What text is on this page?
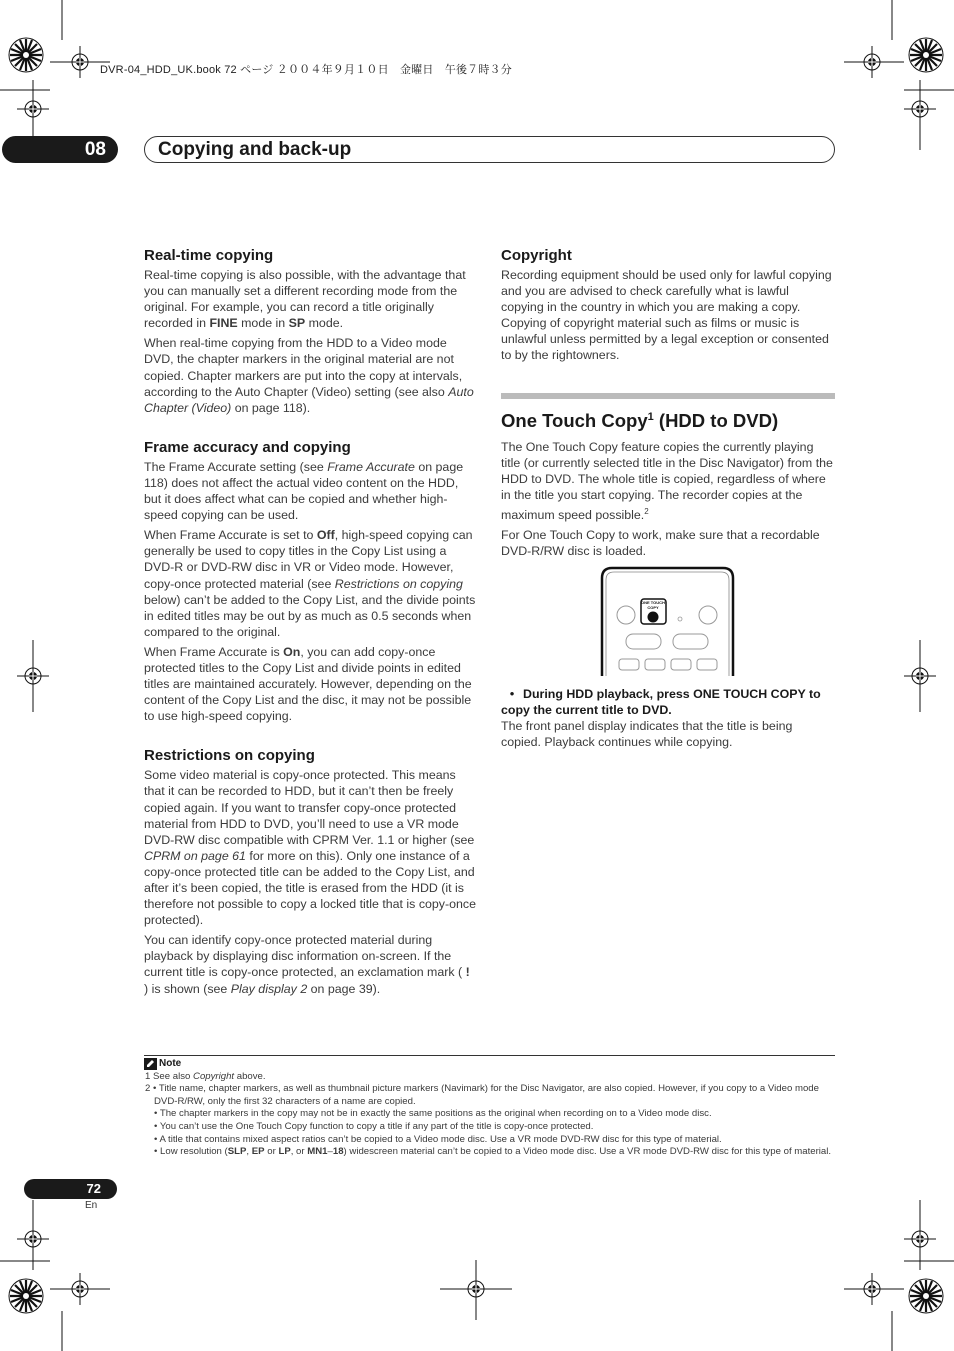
DVR-04_HDD_UK.book 72 ページ ２００４年９月１０日　金曜日　午後７時３分
08	Copying and back-up
Real-time copying

Real-time copying is also possible, with the advantage that you can manually set a different recording mode from the original. For example, you can record a title originally recorded in FINE mode in SP mode.

When real-time copying from the HDD to a Video mode DVD, the chapter markers in the original material are not copied. Chapter markers are put into the copy at intervals, according to the Auto Chapter (Video) setting (see also Auto Chapter (Video) on page 118).

Frame accuracy and copying

The Frame Accurate setting (see Frame Accurate on page 118) does not affect the actual video content on the HDD, but it does affect what can be copied and whether high-speed copying can be used.

When Frame Accurate is set to Off, high-speed copying can generally be used to copy titles in the Copy List using a DVD-R or DVD-RW disc in VR or Video mode. However, copy-once protected material (see Restrictions on copying below) can’t be added to the Copy List, and the divide points in edited titles may be out by as much as 0.5 seconds when compared to the original.

When Frame Accurate is On, you can add copy-once protected titles to the Copy List and divide points in edited titles are maintained accurately. However, depending on the content of the Copy List and the disc, it may not be possible to use high-speed copying.

Restrictions on copying

Some video material is copy-once protected. This means that it can be recorded to HDD, but it can’t then be freely copied again. If you want to transfer copy-once protected material from HDD to DVD, you’ll need to use a VR mode DVD-RW disc compatible with CPRM Ver. 1.1 or higher (see CPRM on page 61 for more on this). Only one instance of a copy-once protected title can be added to the Copy List, and after it’s been copied, the title is erased from the HDD (it is therefore not possible to copy a locked title that is copy-once protected).

You can identify copy-once protected material during playback by displaying disc information on-screen. If the current title is copy-once protected, an exclamation mark ( ! ) is shown (see Play display 2 on page 39).

Copyright

Recording equipment should be used only for lawful copying and you are advised to check carefully what is lawful copying in the country in which you are making a copy. Copying of copyright material such as films or music is unlawful unless permitted by a legal exception or consented to by the rightowners.

One Touch Copy$^1$ (HDD to DVD)

The One Touch Copy feature copies the currently playing title (or currently selected title in the Disc Navigator) from the HDD to DVD. The whole title is copied, regardless of where in the title you start copying. The recorder copies at the maximum speed possible.$^2$

For One Touch Copy to work, make sure that a recordable DVD-R/RW disc is loaded.

ONE TOUCH
COPY

• During HDD playback, press ONE TOUCH COPY to copy the current title to DVD.

The front panel display indicates that the title is being copied. Playback continues while copying.

Note
1 See also Copyright above.
2 • Title name, chapter markers, as well as thumbnail picture markers (Navimark) for the Disc Navigator, are also copied. However, if you copy to a Video mode DVD-R/RW, only the first 32 characters of a name are copied.
• The chapter markers in the copy may not be in exactly the same positions as the original when recording on to a Video mode disc.
• You can’t use the One Touch Copy function to copy a title if any part of the title is copy-once protected.
• A title that contains mixed aspect ratios can’t be copied to a Video mode disc. Use a VR mode DVD-RW disc for this type of material.
• Low resolution (SLP, EP or LP, or MN1–18) widescreen material can’t be copied to a Video mode disc. Use a VR mode DVD-RW disc for this type of material.
72
En
